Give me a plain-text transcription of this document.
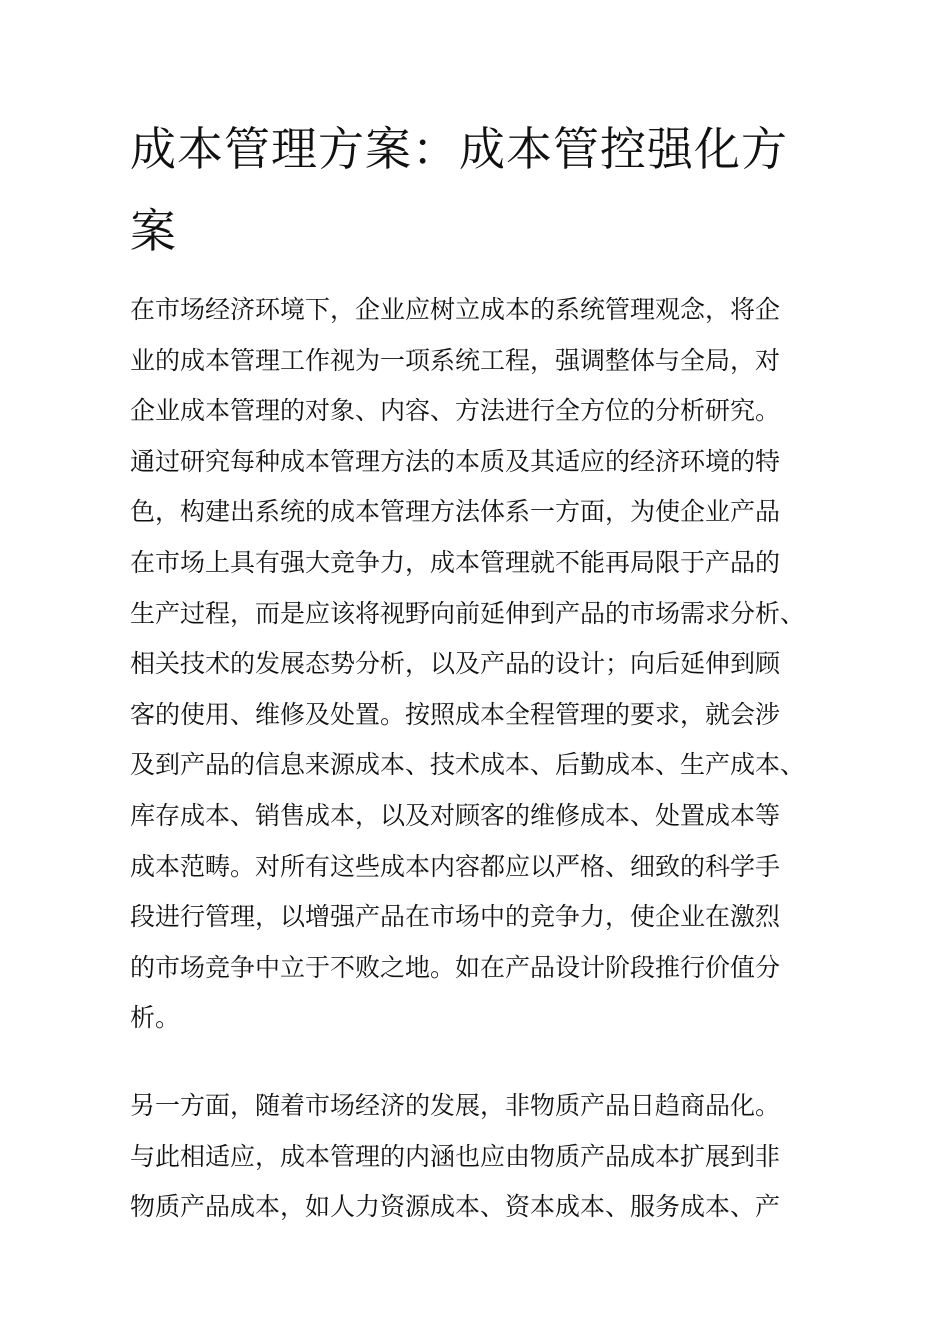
成本管理方案：成本管控强化方
案
在市场经济环境下，企业应树立成本的系统管理观念，将企
业的成本管理工作视为一项系统工程，强调整体与全局，对
企业成本管理的对象、内容、方法进行全方位的分析研究。
通过研究每种成本管理方法的本质及其适应的经济环境的特
色，构建出系统的成本管理方法体系一方面，为使企业产品
在市场上具有强大竞争力，成本管理就不能再局限于产品的
生产过程，而是应该将视野向前延伸到产品的市场需求分析、
相关技术的发展态势分析，以及产品的设计；向后延伸到顾
客的使用、维修及处置。按照成本全程管理的要求，就会涉
及到产品的信息来源成本、技术成本、后勤成本、生产成本、
库存成本、销售成本，以及对顾客的维修成本、处置成本等
成本范畴。对所有这些成本内容都应以严格、细致的科学手
段进行管理，以增强产品在市场中的竞争力，使企业在激烈
的市场竞争中立于不败之地。如在产品设计阶段推行价值分
析。
另一方面，随着市场经济的发展，非物质产品日趋商品化。
与此相适应，成本管理的内涵也应由物质产品成本扩展到非
物质产品成本，如人力资源成本、资本成本、服务成本、产
